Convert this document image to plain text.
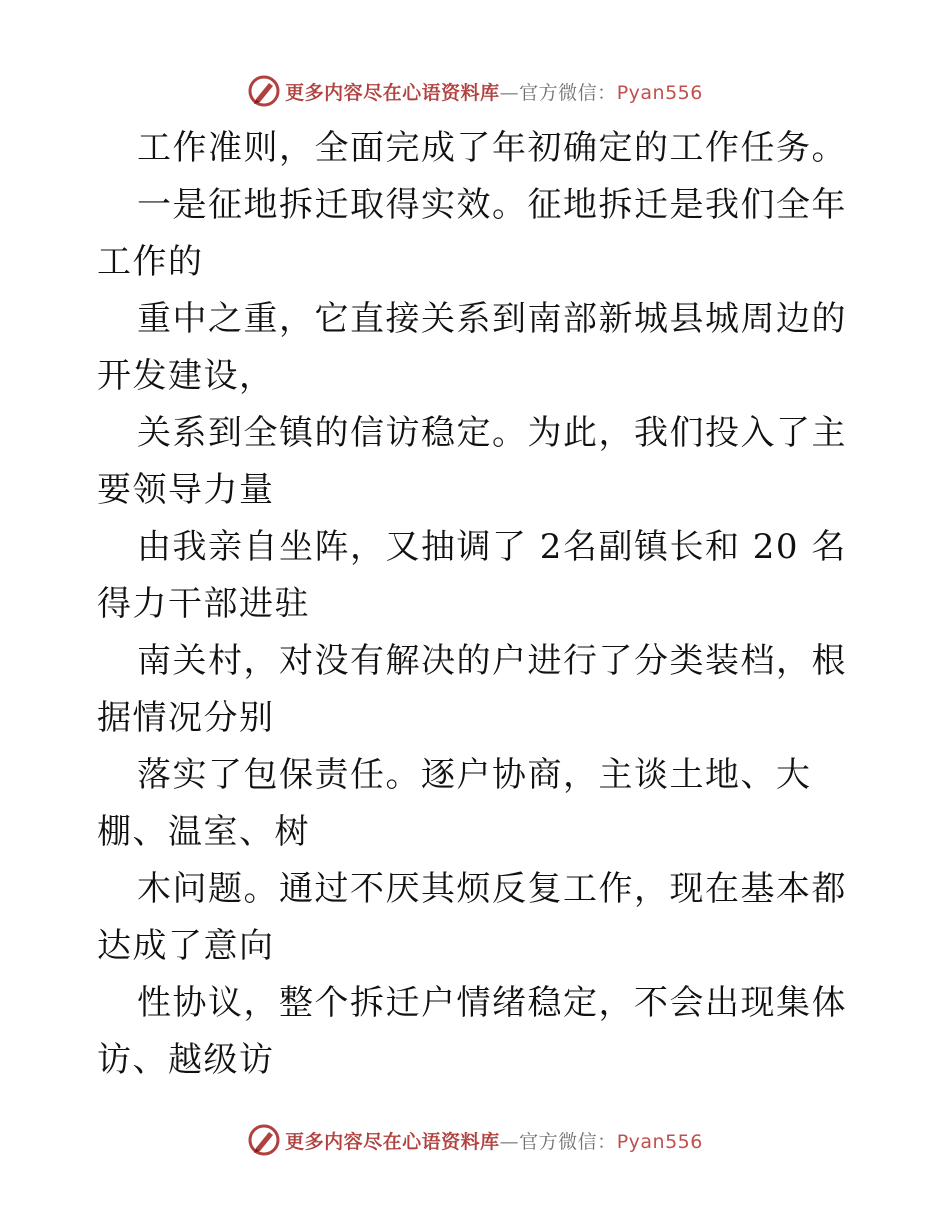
更多内容尽在心语资料库—官方微信：Pyan556

工作准则，全面完成了年初确定的工作任务。

一是征地拆迁取得实效。征地拆迁是我们全年工作的

重中之重，它直接关系到南部新城县城周边的开发建设，

关系到全镇的信访稳定。为此，我们投入了主要领导力量

由我亲自坐阵，又抽调了 2名副镇长和 20 名得力干部进驻

南关村，对没有解决的户进行了分类装档，根据情况分别

落实了包保责任。逐户协商，主谈土地、大棚、温室、树

木问题。通过不厌其烦反复工作，现在基本都达成了意向

性协议，整个拆迁户情绪稳定，不会出现集体访、越级访

更多内容尽在心语资料库—官方微信：Pyan556
